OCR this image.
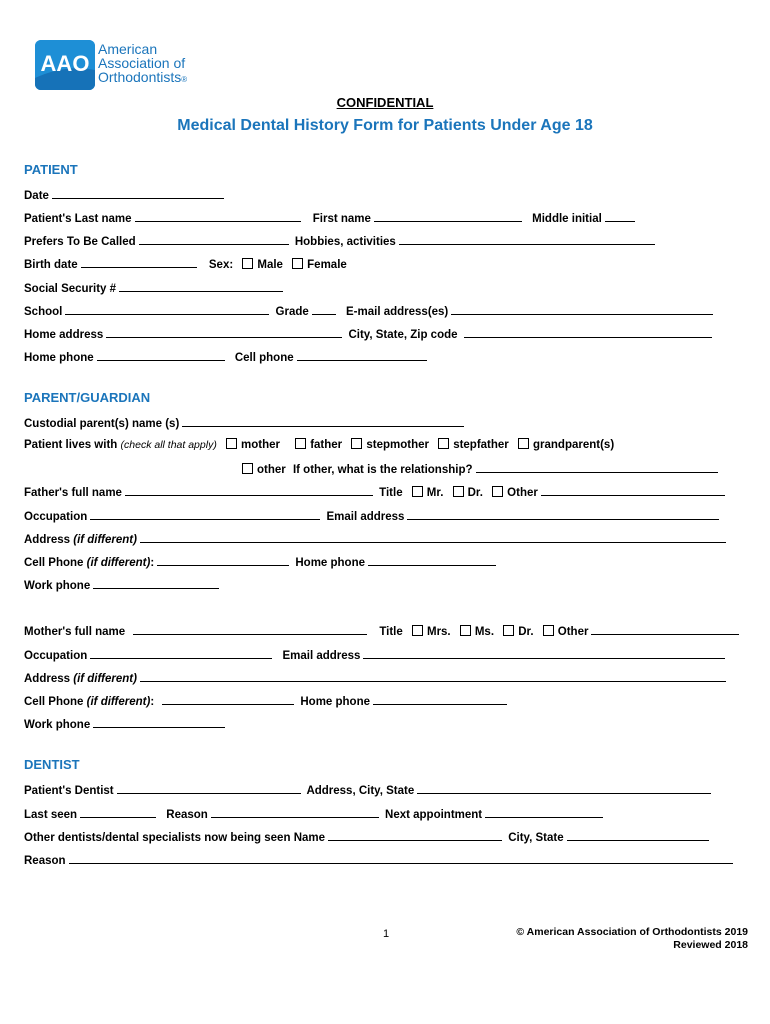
AAO
American
Association of
Orthodontists®
CONFIDENTIAL
Medical Dental History Form for Patients Under Age 18
PATIENT
Date
Patient's Last name	First name	Middle initial
Prefers To Be Called	Hobbies, activities
Birth date	Sex: Male Female
Social Security #
School	Grade	E-mail address(es)
Home address	City, State, Zip code
Home phone	Cell phone
PARENT/GUARDIAN
Custodial parent(s) name (s)
Patient lives with (check all that apply) mother	father stepmother stepfather grandparent(s)
other If other, what is the relationship?
Father's full name	Title Mr. Dr. Other
Occupation	Email address
Address (if different)
Cell Phone (if different):	Home phone
Work phone
Mother's full name	Title Mrs. Ms. Dr. Other
Occupation	Email address
Address (if different)
Cell Phone (if different):	Home phone
Work phone
DENTIST
Patient's Dentist	Address, City, State
Last seen	Reason	Next appointment
Other dentists/dental specialists now being seen Name	City, State
Reason
1	© American Association of Orthodontists 2019
Reviewed 2018
